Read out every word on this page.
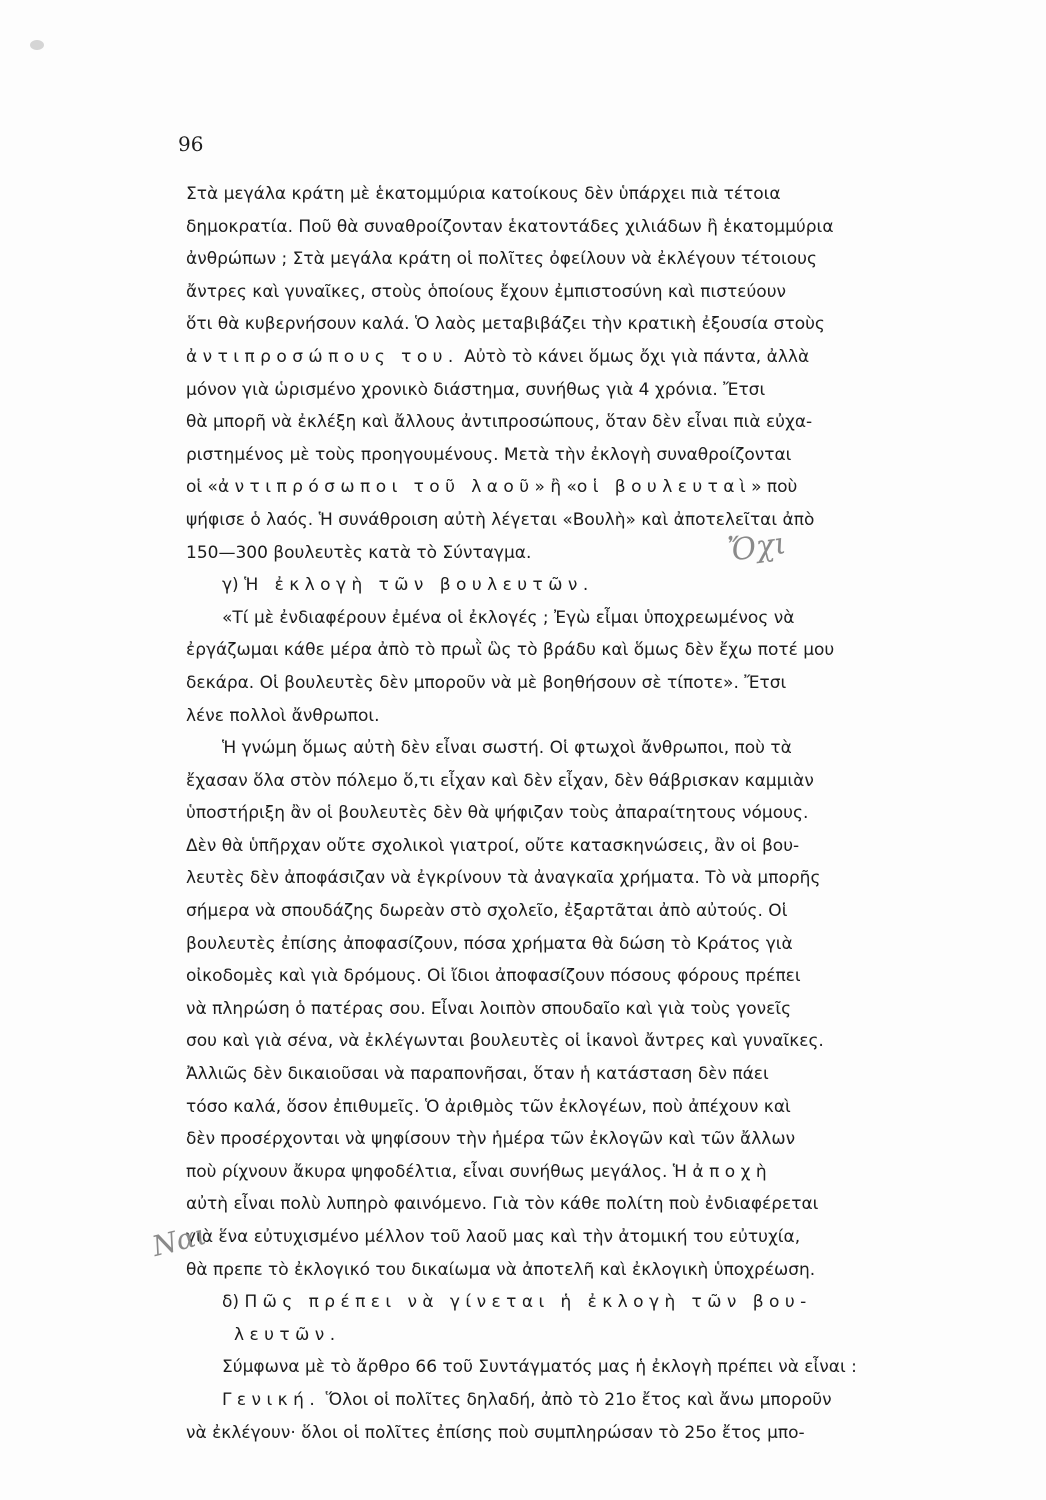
96
Στὰ μεγάλα κράτη μὲ ἑκατομμύρια κατοίκους δὲν ὑπάρχει πιὰ τέτοια
δημοκρατία. Ποῦ θὰ συναθροίζονταν ἑκατοντάδες χιλιάδων ἢ ἑκατομμύρια
ἀνθρώπων ; Στὰ μεγάλα κράτη οἱ πολῖτες ὀφείλουν νὰ ἐκλέγουν τέτοιους
ἄντρες καὶ γυναῖκες, στοὺς ὁποίους ἔχουν ἐμπιστοσύνη καὶ πιστεύουν
ὅτι θὰ κυβερνήσουν καλά. Ὁ λαὸς μεταβιβάζει τὴν κρατικὴ ἐξουσία στοὺς
ἀντιπροσώπους του. Αὐτὸ τὸ κάνει ὅμως ὄχι γιὰ πάντα, ἀλλὰ
μόνον γιὰ ὡρισμένο χρονικὸ διάστημα, συνήθως γιὰ 4 χρόνια. Ἔτσι
θὰ μπορῆ νὰ ἐκλέξη καὶ ἄλλους ἀντιπροσώπους, ὅταν δὲν εἶναι πιὰ εὐχα-
ριστημένος μὲ τοὺς προηγουμένους. Μετὰ τὴν ἐκλογὴ συναθροίζονται
οἱ «ἀντιπρόσωποι τοῦ λαοῦ» ἢ «οἱ βουλευταὶ» ποὺ
ψήφισε ὁ λαός. Ἡ συνάθροιση αὐτὴ λέγεται «Βουλὴ» καὶ ἀποτελεῖται ἀπὸ
150—300 βουλευτὲς κατὰ τὸ Σύνταγμα.
γ) Ἡ ἐκλογὴ τῶν βουλευτῶν.
«Τί μὲ ἐνδιαφέρουν ἐμένα οἱ ἐκλογές ; Ἐγὼ εἶμαι ὑποχρεωμένος νὰ
ἐργάζωμαι κάθε μέρα ἀπὸ τὸ πρωῒ ὣς τὸ βράδυ καὶ ὅμως δὲν ἔχω ποτέ μου
δεκάρα. Οἱ βουλευτὲς δὲν μποροῦν νὰ μὲ βοηθήσουν σὲ τίποτε». Ἔτσι
λένε πολλοὶ ἄνθρωποι.
Ἡ γνώμη ὅμως αὐτὴ δὲν εἶναι σωστή. Οἱ φτωχοὶ ἄνθρωποι, ποὺ τὰ
ἔχασαν ὅλα στὸν πόλεμο ὅ,τι εἶχαν καὶ δὲν εἶχαν, δὲν θάβρισκαν καμμιὰν
ὑποστήριξη ἂν οἱ βουλευτὲς δὲν θὰ ψήφιζαν τοὺς ἀπαραίτητους νόμους.
Δὲν θὰ ὑπῆρχαν οὔτε σχολικοὶ γιατροί, οὔτε κατασκηνώσεις, ἂν οἱ βου-
λευτὲς δὲν ἀποφάσιζαν νὰ ἐγκρίνουν τὰ ἀναγκαῖα χρήματα. Τὸ νὰ μπορῆς
σήμερα νὰ σπουδάζης δωρεὰν στὸ σχολεῖο, ἐξαρτᾶται ἀπὸ αὐτούς. Οἱ
βουλευτὲς ἐπίσης ἀποφασίζουν, πόσα χρήματα θὰ δώση τὸ Κράτος γιὰ
οἰκοδομὲς καὶ γιὰ δρόμους. Οἱ ἴδιοι ἀποφασίζουν πόσους φόρους πρέπει
νὰ πληρώση ὁ πατέρας σου. Εἶναι λοιπὸν σπουδαῖο καὶ γιὰ τοὺς γονεῖς
σου καὶ γιὰ σένα, νὰ ἐκλέγωνται βουλευτὲς οἱ ἱκανοὶ ἄντρες καὶ γυναῖκες.
Ἀλλιῶς δὲν δικαιοῦσαι νὰ παραπονῆσαι, ὅταν ἡ κατάσταση δὲν πάει
τόσο καλά, ὅσον ἐπιθυμεῖς. Ὁ ἀριθμὸς τῶν ἐκλογέων, ποὺ ἀπέχουν καὶ
δὲν προσέρχονται νὰ ψηφίσουν τὴν ἡμέρα τῶν ἐκλογῶν καὶ τῶν ἄλλων
ποὺ ρίχνουν ἄκυρα ψηφοδέλτια, εἶναι συνήθως μεγάλος. Ἡ ἀποχὴ
αὐτὴ εἶναι πολὺ λυπηρὸ φαινόμενο. Γιὰ τὸν κάθε πολίτη ποὺ ἐνδιαφέρεται
γιὰ ἕνα εὐτυχισμένο μέλλον τοῦ λαοῦ μας καὶ τὴν ἀτομική του εὐτυχία,
θὰ πρεπε τὸ ἐκλογικό του δικαίωμα νὰ ἀποτελῆ καὶ ἐκλογικὴ ὑποχρέωση.
δ) Πῶς πρέπει νὰ γίνεται ἡ ἐκλογὴ τῶν βου-
λευτῶν.
Σύμφωνα μὲ τὸ ἄρθρο 66 τοῦ Συντάγματός μας ἡ ἐκλογὴ πρέπει νὰ εἶναι :
Γενική. Ὅλοι οἱ πολῖτες δηλαδή, ἀπὸ τὸ 21ο ἔτος καὶ ἄνω μποροῦν
νὰ ἐκλέγουν· ὅλοι οἱ πολῖτες ἐπίσης ποὺ συμπληρώσαν τὸ 25ο ἔτος μπο-
Ὄχι
Ναι
